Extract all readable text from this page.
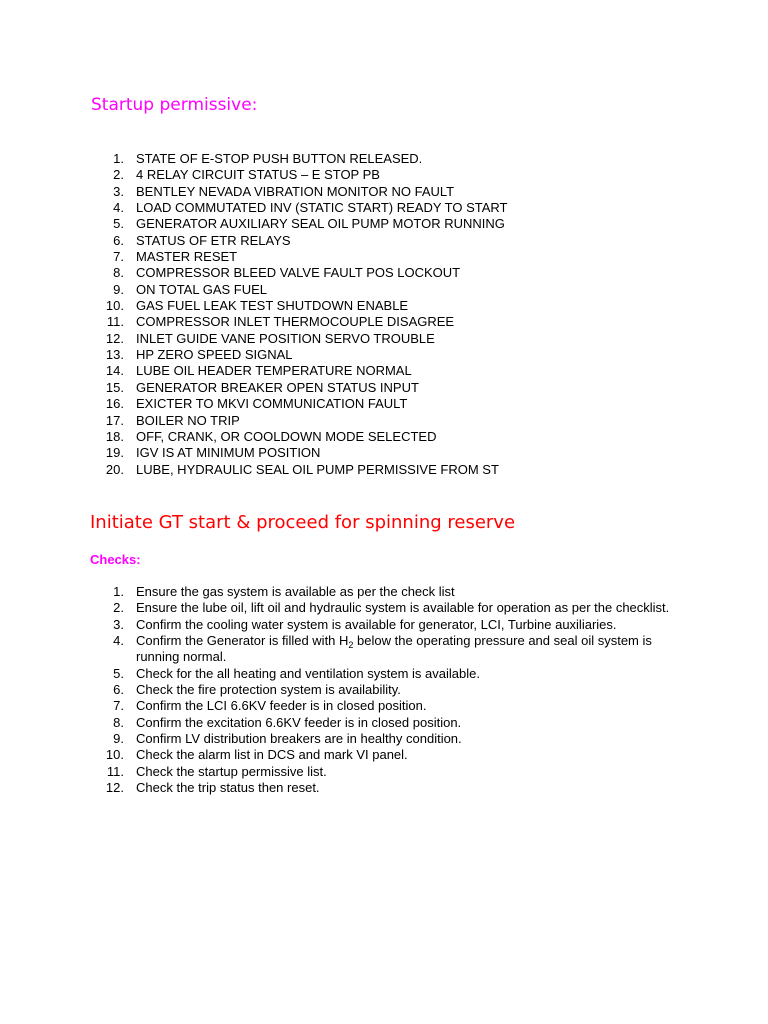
Startup permissive:
1. STATE OF E-STOP PUSH BUTTON RELEASED.
2. 4 RELAY CIRCUIT STATUS – E STOP PB
3. BENTLEY NEVADA VIBRATION MONITOR NO FAULT
4. LOAD COMMUTATED INV (STATIC START) READY TO START
5. GENERATOR AUXILIARY SEAL OIL PUMP MOTOR RUNNING
6. STATUS OF ETR RELAYS
7. MASTER RESET
8. COMPRESSOR BLEED VALVE FAULT POS LOCKOUT
9. ON TOTAL GAS FUEL
10. GAS FUEL LEAK TEST SHUTDOWN ENABLE
11. COMPRESSOR INLET THERMOCOUPLE DISAGREE
12. INLET GUIDE VANE POSITION SERVO TROUBLE
13. HP ZERO SPEED SIGNAL
14. LUBE OIL HEADER TEMPERATURE NORMAL
15. GENERATOR BREAKER OPEN STATUS INPUT
16. EXICTER TO MKVI COMMUNICATION FAULT
17. BOILER NO TRIP
18. OFF, CRANK, OR COOLDOWN MODE SELECTED
19. IGV IS AT MINIMUM POSITION
20. LUBE, HYDRAULIC SEAL OIL PUMP PERMISSIVE FROM ST
Initiate GT start & proceed for spinning reserve
Checks:
1. Ensure the gas system is available as per the check list
2. Ensure the lube oil, lift oil and hydraulic system is available for operation as per the checklist.
3. Confirm the cooling water system is available for generator, LCI, Turbine auxiliaries.
4. Confirm the Generator is filled with $H_2$ below the operating pressure and seal oil system is running normal.
5. Check for the all heating and ventilation system is available.
6. Check the fire protection system is availability.
7. Confirm the LCI 6.6KV feeder is in closed position.
8. Confirm the excitation 6.6KV feeder is in closed position.
9. Confirm LV distribution breakers are in healthy condition.
10. Check the alarm list in DCS and mark VI panel.
11. Check the startup permissive list.
12. Check the trip status then reset.
